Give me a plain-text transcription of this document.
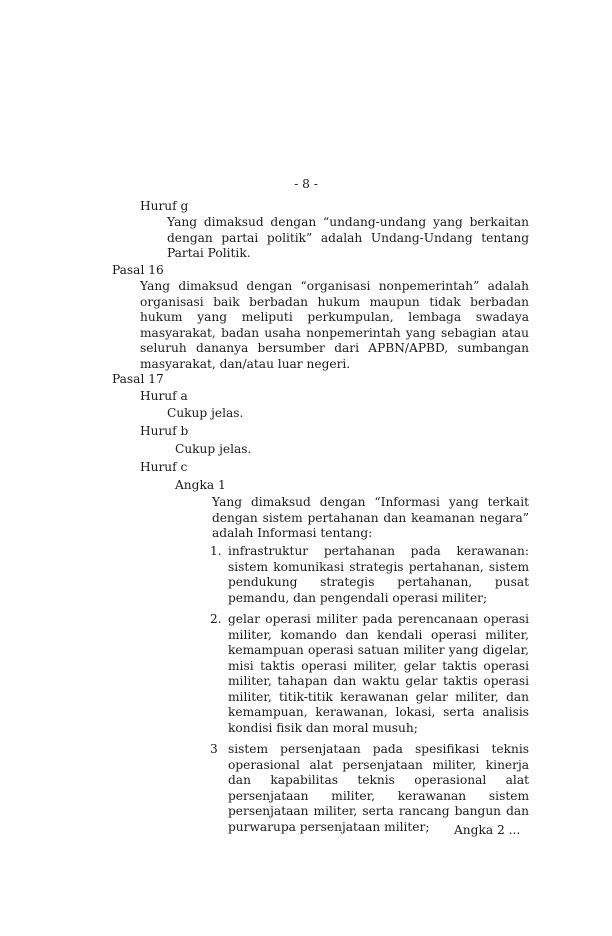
- 8 -
Huruf g
Yang dimaksud dengan “undang-undang yang berkaitan dengan partai politik” adalah Undang-Undang tentang Partai Politik.
Pasal 16
Yang dimaksud dengan “organisasi nonpemerintah” adalah organisasi baik berbadan hukum maupun tidak berbadan hukum yang meliputi perkumpulan, lembaga swadaya masyarakat, badan usaha nonpemerintah yang sebagian atau seluruh dananya bersumber dari APBN/APBD, sumbangan masyarakat, dan/atau luar negeri.
Pasal 17
Huruf a
Cukup jelas.
Huruf b
Cukup jelas.
Huruf c
Angka 1
Yang dimaksud dengan “Informasi yang terkait dengan sistem pertahanan dan keamanan negara” adalah Informasi tentang:
1. infrastruktur pertahanan pada kerawanan: sistem komunikasi strategis pertahanan, sistem pendukung strategis pertahanan, pusat pemandu, dan pengendali operasi militer;
2. gelar operasi militer pada perencanaan operasi militer, komando dan kendali operasi militer, kemampuan operasi satuan militer yang digelar, misi taktis operasi militer, gelar taktis operasi militer, tahapan dan waktu gelar taktis operasi militer, titik-titik kerawanan gelar militer, dan kemampuan, kerawanan, lokasi, serta analisis kondisi fisik dan moral musuh;
3 sistem persenjataan pada spesifikasi teknis operasional alat persenjataan militer, kinerja dan kapabilitas teknis operasional alat persenjataan militer, kerawanan sistem persenjataan militer, serta rancang bangun dan purwarupa persenjataan militer;	Angka 2 ...
